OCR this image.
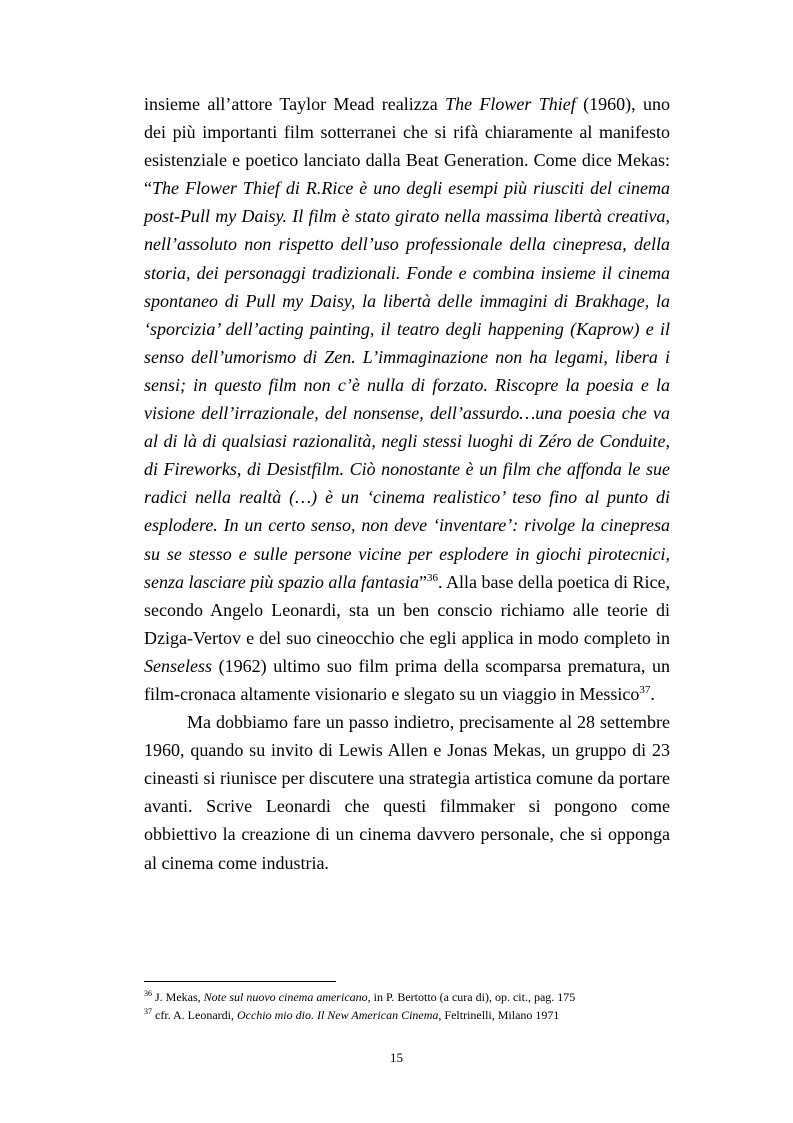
insieme all’attore Taylor Mead realizza The Flower Thief (1960), uno dei più importanti film sotterranei che si rifà chiaramente al manifesto esistenziale e poetico lanciato dalla Beat Generation. Come dice Mekas: “The Flower Thief di R.Rice è uno degli esempi più riusciti del cinema post-Pull my Daisy. Il film è stato girato nella massima libertà creativa, nell’assoluto non rispetto dell’uso professionale della cinepresa, della storia, dei personaggi tradizionali. Fonde e combina insieme il cinema spontaneo di Pull my Daisy, la libertà delle immagini di Brakhage, la ‘sporcizia’ dell’acting painting, il teatro degli happening (Kaprow) e il senso dell’umorismo di Zen. L’immaginazione non ha legami, libera i sensi; in questo film non c’è nulla di forzato. Riscopre la poesia e la visione dell’irrazionale, del nonsense, dell’assurdo…una poesia che va al di là di qualsiasi razionalità, negli stessi luoghi di Zéro de Conduite, di Fireworks, di Desistfilm. Ciò nonostante è un film che affonda le sue radici nella realtà (…) è un ‘cinema realistico’ teso fino al punto di esplodere. In un certo senso, non deve ‘inventare’: rivolge la cinepresa su se stesso e sulle persone vicine per esplodere in giochi pirotecnici, senza lasciare più spazio alla fantasia”$^{36}$. Alla base della poetica di Rice, secondo Angelo Leonardi, sta un ben conscio richiamo alle teorie di Dziga-Vertov e del suo cineocchio che egli applica in modo completo in Senseless (1962) ultimo suo film prima della scomparsa prematura, un film-cronaca altamente visionario e slegato su un viaggio in Messico$^{37}$.

Ma dobbiamo fare un passo indietro, precisamente al 28 settembre 1960, quando su invito di Lewis Allen e Jonas Mekas, un gruppo di 23 cineasti si riunisce per discutere una strategia artistica comune da portare avanti. Scrive Leonardi che questi filmmaker si pongono come obbiettivo la creazione di un cinema davvero personale, che si opponga al cinema come industria.

$^{36}$ J. Mekas, Note sul nuovo cinema americano, in P. Bertotto (a cura di), op. cit., pag. 175

$^{37}$ cfr. A. Leonardi, Occhio mio dio. Il New American Cinema, Feltrinelli, Milano 1971

15
